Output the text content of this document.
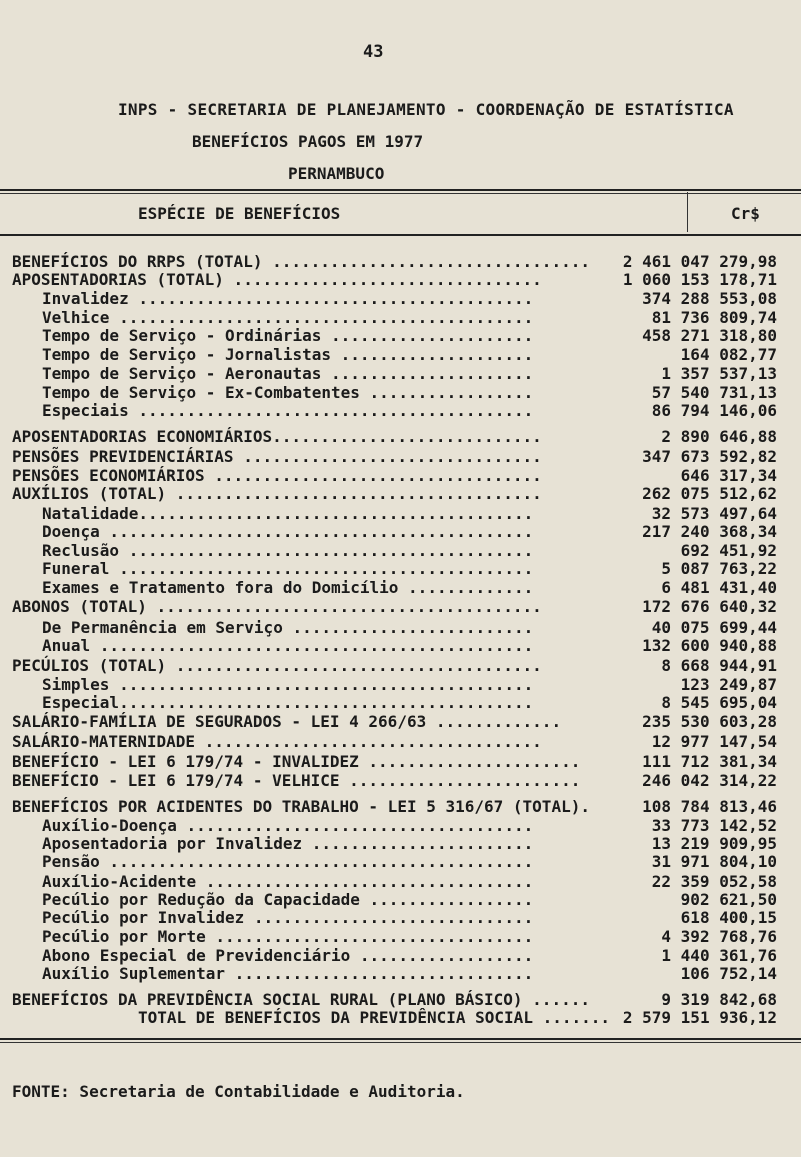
43
INPS - SECRETARIA DE PLANEJAMENTO - COORDENAÇÃO DE ESTATÍSTICA
BENEFÍCIOS PAGOS EM 1977
PERNAMBUCO
ESPÉCIE DE BENEFÍCIOS	Cr$
BENEFÍCIOS DO RRPS (TOTAL) ................................. 2 461 047 279,98
APOSENTADORIAS (TOTAL) ................................	1 060 153 178,71
Invalidez .........................................	374 288 553,08
Velhice ...........................................	81 736 809,74
Tempo de Serviço - Ordinárias .....................	458 271 318,80
Tempo de Serviço - Jornalistas ....................	164 082,77
Tempo de Serviço - Aeronautas .....................	1 357 537,13
Tempo de Serviço - Ex-Combatentes .................	57 540 731,13
Especiais .........................................	86 794 146,06
APOSENTADORIAS ECONOMIÁRIOS............................	2 890 646,88
PENSÕES PREVIDENCIÁRIAS ...............................	347 673 592,82
PENSÕES ECONOMIÁRIOS ..................................	646 317,34
AUXÍLIOS (TOTAL) ......................................	262 075 512,62
Natalidade.........................................	32 573 497,64
Doença ............................................	217 240 368,34
Reclusão ..........................................	692 451,92
Funeral ...........................................	5 087 763,22
Exames e Tratamento fora do Domicílio .............	6 481 431,40
ABONOS (TOTAL) ........................................	172 676 640,32
De Permanência em Serviço .........................	40 075 699,44
Anual .............................................	132 600 940,88
PECÚLIOS (TOTAL) ......................................	8 668 944,91
Simples ...........................................	123 249,87
Especial...........................................	8 545 695,04
SALÁRIO-FAMÍLIA DE SEGURADOS - LEI 4 266/63 .............	235 530 603,28
SALÁRIO-MATERNIDADE ...................................	12 977 147,54
BENEFÍCIO - LEI 6 179/74 - INVALIDEZ ......................	111 712 381,34
BENEFÍCIO - LEI 6 179/74 - VELHICE ........................	246 042 314,22
BENEFÍCIOS POR ACIDENTES DO TRABALHO - LEI 5 316/67 (TOTAL).	108 784 813,46
Auxílio-Doença ....................................	33 773 142,52
Aposentadoria por Invalidez .......................	13 219 909,95
Pensão ............................................	31 971 804,10
Auxílio-Acidente ..................................	22 359 052,58
Pecúlio por Redução da Capacidade .................	902 621,50
Pecúlio por Invalidez .............................	618 400,15
Pecúlio por Morte .................................	4 392 768,76
Abono Especial de Previdenciário ..................	1 440 361,76
Auxílio Suplementar ...............................	106 752,14
BENEFÍCIOS DA PREVIDÊNCIA SOCIAL RURAL (PLANO BÁSICO) ......	9 319 842,68
TOTAL DE BENEFÍCIOS DA PREVIDÊNCIA SOCIAL ....... 2 579 151 936,12
FONTE: Secretaria de Contabilidade e Auditoria.
